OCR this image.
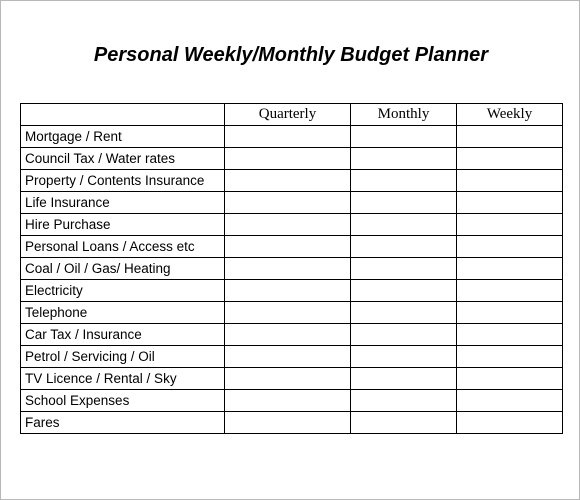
Personal Weekly/Monthly Budget Planner
	Quarterly	Monthly	Weekly
Mortgage / Rent			
Council Tax / Water rates			
Property / Contents Insurance			
Life Insurance			
Hire Purchase			
Personal Loans / Access etc			
Coal / Oil / Gas/ Heating			
Electricity			
Telephone			
Car Tax / Insurance			
Petrol / Servicing / Oil			
TV Licence / Rental / Sky			
School Expenses			
Fares			
